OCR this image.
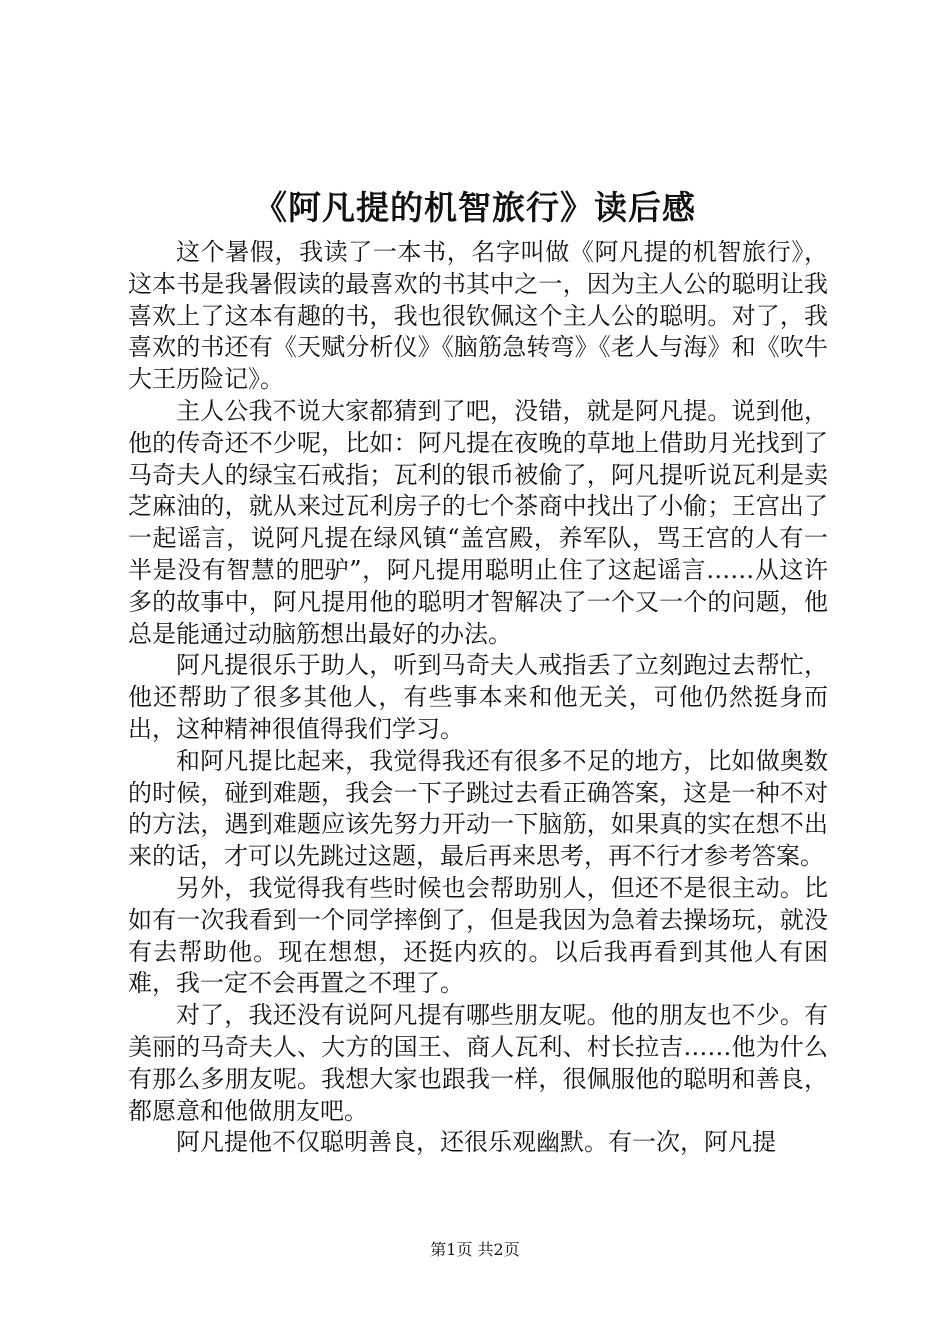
《阿凡提的机智旅行》读后感

这个暑假，我读了一本书，名字叫做《阿凡提的机智旅行》，这本书是我暑假读的最喜欢的书其中之一，因为主人公的聪明让我喜欢上了这本有趣的书，我也很钦佩这个主人公的聪明。对了，我喜欢的书还有《天赋分析仪》《脑筋急转弯》《老人与海》和《吹牛大王历险记》。

主人公我不说大家都猜到了吧，没错，就是阿凡提。说到他，他的传奇还不少呢，比如：阿凡提在夜晚的草地上借助月光找到了马奇夫人的绿宝石戒指；瓦利的银币被偷了，阿凡提听说瓦利是卖芝麻油的，就从来过瓦利房子的七个茶商中找出了小偷；王宫出了一起谣言，说阿凡提在绿风镇“盖宫殿，养军队，骂王宫的人有一半是没有智慧的肥驴”，阿凡提用聪明止住了这起谣言……从这许多的故事中，阿凡提用他的聪明才智解决了一个又一个的问题，他总是能通过动脑筋想出最好的办法。

阿凡提很乐于助人，听到马奇夫人戒指丢了立刻跑过去帮忙，他还帮助了很多其他人，有些事本来和他无关，可他仍然挺身而出，这种精神很值得我们学习。

和阿凡提比起来，我觉得我还有很多不足的地方，比如做奥数的时候，碰到难题，我会一下子跳过去看正确答案，这是一种不对的方法，遇到难题应该先努力开动一下脑筋，如果真的实在想不出来的话，才可以先跳过这题，最后再来思考，再不行才参考答案。

另外，我觉得我有些时候也会帮助别人，但还不是很主动。比如有一次我看到一个同学摔倒了，但是我因为急着去操场玩，就没有去帮助他。现在想想，还挺内疚的。以后我再看到其他人有困难，我一定不会再置之不理了。

对了，我还没有说阿凡提有哪些朋友呢。他的朋友也不少。有美丽的马奇夫人、大方的国王、商人瓦利、村长拉吉……他为什么有那么多朋友呢。我想大家也跟我一样，很佩服他的聪明和善良，都愿意和他做朋友吧。

阿凡提他不仅聪明善良，还很乐观幽默。有一次，阿凡提

第1页 共2页
